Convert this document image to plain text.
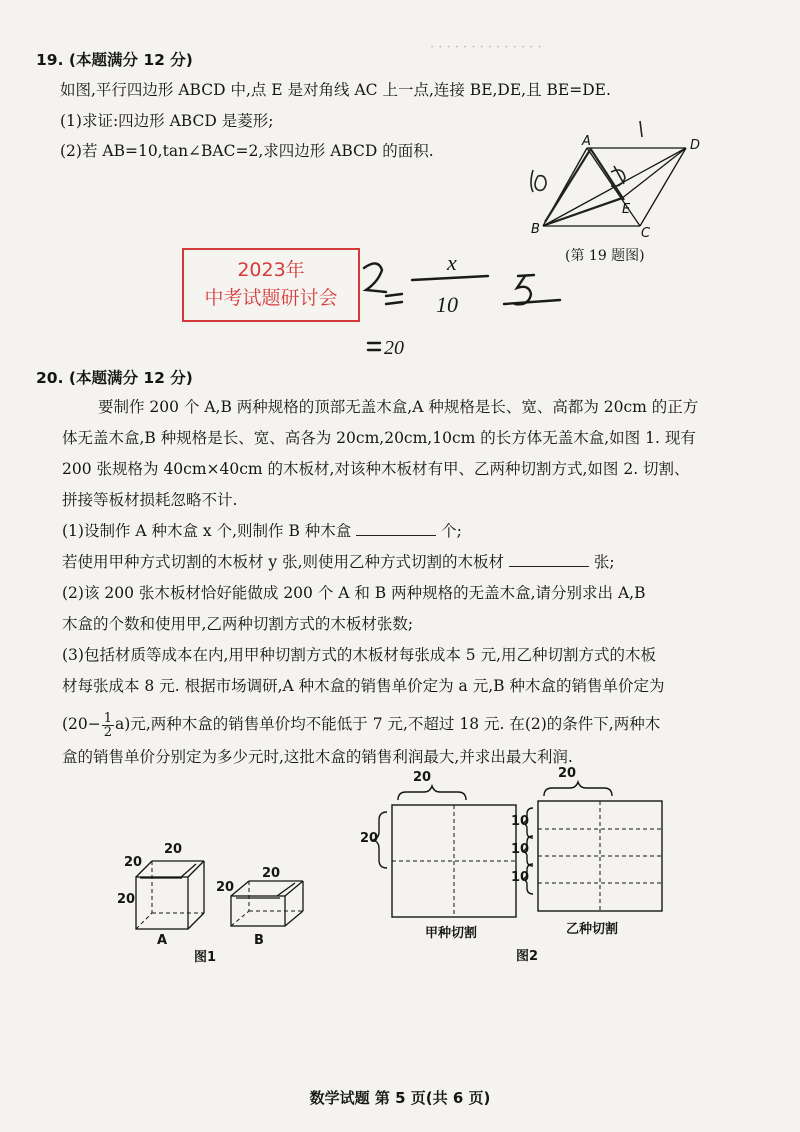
· · · · · · · · · · · · · ·
19. (本题满分 12 分)
如图,平行四边形 ABCD 中,点 E 是对角线 AC 上一点,连接 BE,DE,且 BE=DE.
(1)求证:四边形 ABCD 是菱形;
(2)若 AB=10,tan∠BAC=2,求四边形 ABCD 的面积.
A	D
E
B	C
(第 19 题图)
2023年
中考试题研讨会
x
10
20
20. (本题满分 12 分)
要制作 200 个 A,B 两种规格的顶部无盖木盒,A 种规格是长、宽、高都为 20cm 的正方
体无盖木盒,B 种规格是长、宽、高各为 20cm,20cm,10cm 的长方体无盖木盒,如图 1. 现有
200 张规格为 40cm×40cm 的木板材,对该种木板材有甲、乙两种切割方式,如图 2. 切割、
拼接等板材损耗忽略不计.
(1)设制作 A 种木盒 x 个,则制作 B 种木盒	个;
若使用甲种方式切割的木板材 y 张,则使用乙种方式切割的木板材	张;
(2)该 200 张木板材恰好能做成 200 个 A 和 B 两种规格的无盖木盒,请分别求出 A,B
木盒的个数和使用甲,乙两种切割方式的木板材张数;
(3)包括材质等成本在内,用甲种切割方式的木板材每张成本 5 元,用乙种切割方式的木板
材每张成本 8 元. 根据市场调研,A 种木盒的销售单价定为 a 元,B 种木盒的销售单价定为
$(20- \frac{1}{2} a)$元,两种木盒的销售单价均不能低于 7 元,不超过 18 元. 在(2)的条件下,两种木
盒的销售单价分别定为多少元时,这批木盒的销售利润最大,并求出最大利润.
20
20
20
20
20
A	B
图1
20
20
甲种切割
20
10
10
10
乙种切割
图2
数学试题 第 5 页(共 6 页)
